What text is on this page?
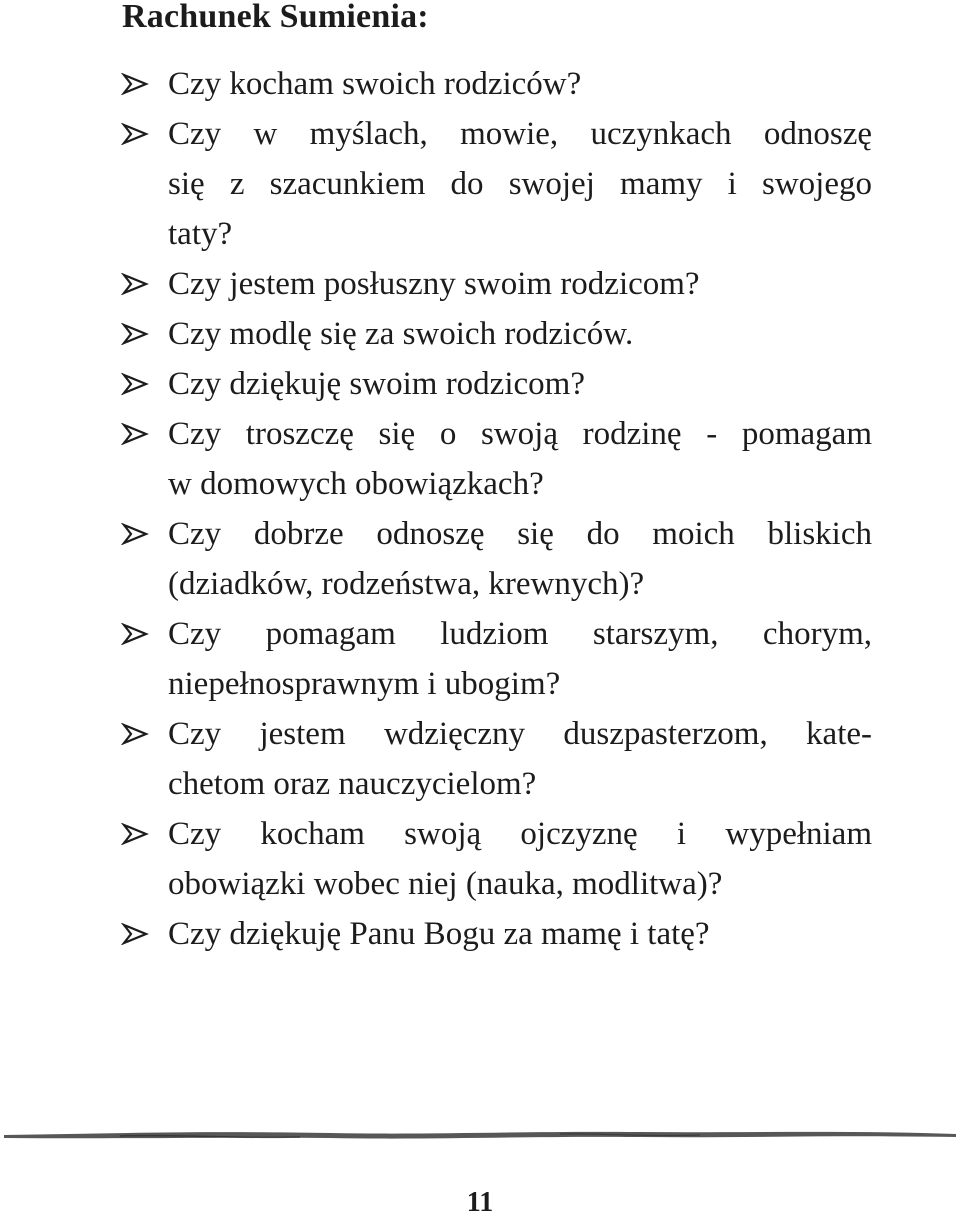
Rachunek Sumienia:
Czy kocham swoich rodziców?
Czy w myślach, mowie, uczynkach odnoszę
się z szacunkiem do swojej mamy i swojego
taty?
Czy jestem posłuszny swoim rodzicom?
Czy modlę się za swoich rodziców.
Czy dziękuję swoim rodzicom?
Czy troszczę się o swoją rodzinę - pomagam
w domowych obowiązkach?
Czy dobrze odnoszę się do moich bliskich
(dziadków, rodzeństwa, krewnych)?
Czy pomagam ludziom starszym, chorym,
niepełnosprawnym i ubogim?
Czy jestem wdzięczny duszpasterzom, kate-
chetom oraz nauczycielom?
Czy kocham swoją ojczyznę i wypełniam
obowiązki wobec niej (nauka, modlitwa)?
Czy dziękuję Panu Bogu za mamę i tatę?

11
